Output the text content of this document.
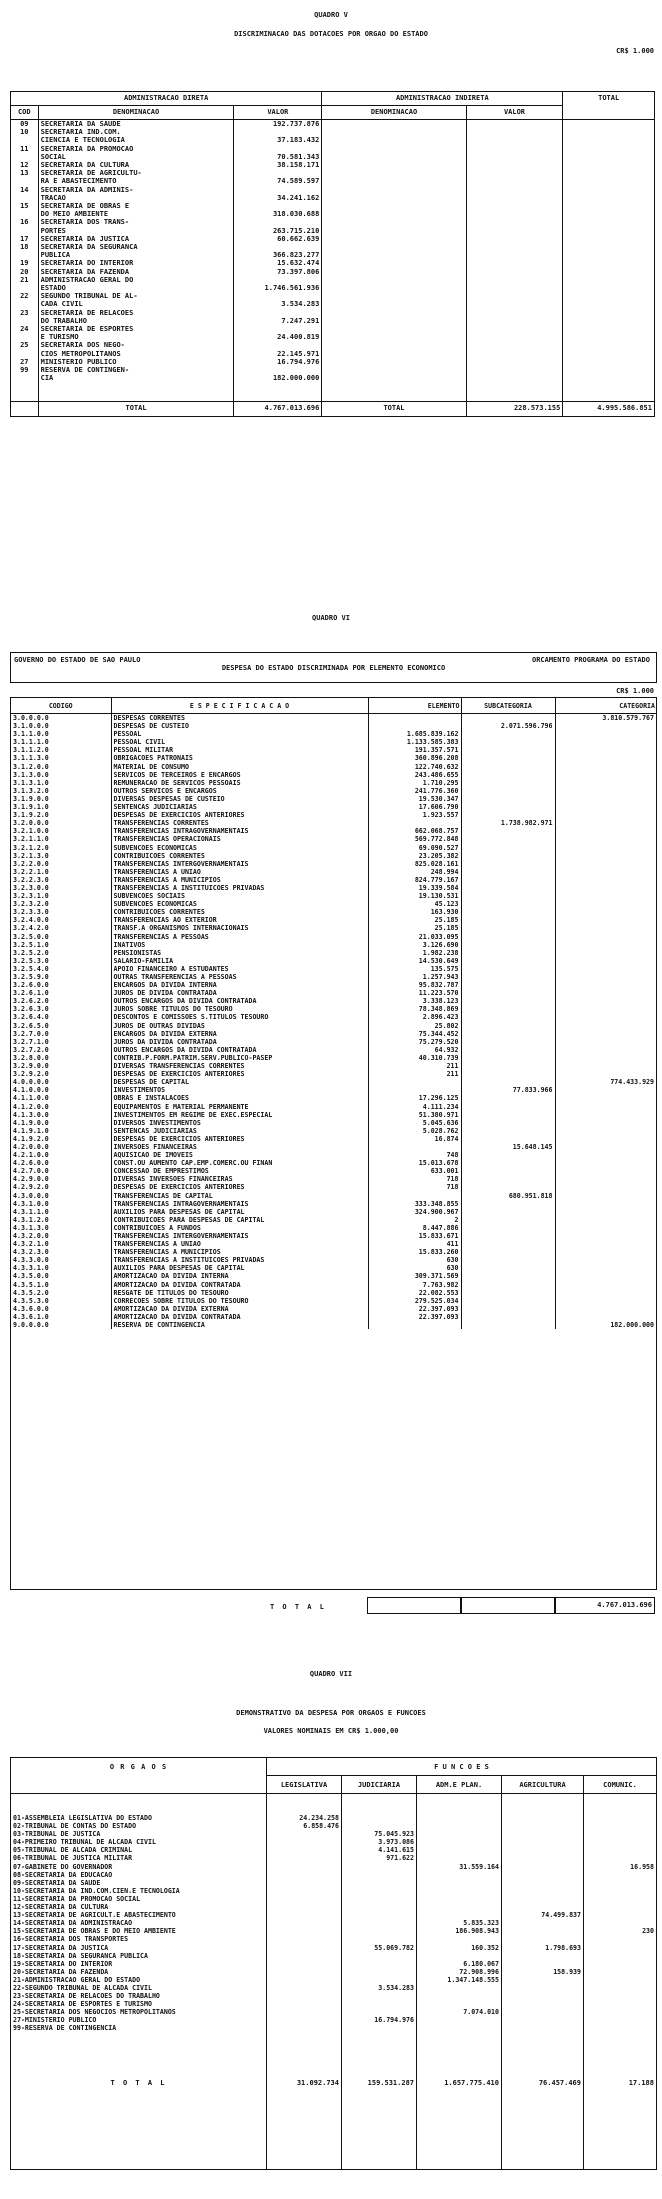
QUADRO V
DISCRIMINACAO DAS DOTACOES POR ORGAO DO ESTADO
CR$ 1.000
ADMINISTRACAO DIRETA			ADMINISTRACAO INDIRETA		TOTAL
COD	DENOMINACAO	VALOR	DENOMINACAO	VALOR	
09	SECRETARIA DA SAUDE	192.737.876			
10	SECRETARIA IND.COM.				
	CIENCIA E TECNOLOGIA	37.183.432			
11	SECRETARIA DA PROMOCAO				
	SOCIAL	70.581.343			
12	SECRETARIA DA CULTURA	38.158.171			
13	SECRETARIA DE AGRICULTU-				
	RA E ABASTECIMENTO	74.589.597			
14	SECRETARIA DA ADMINIS-				
	TRACAO	34.241.162			
15	SECRETARIA DE OBRAS E				
	DO MEIO AMBIENTE	318.030.688			
16	SECRETARIA DOS TRANS-				
	PORTES	263.715.210			
17	SECRETARIA DA JUSTICA	60.662.639			
18	SECRETARIA DA SEGURANCA				
	PUBLICA	366.823.277			
19	SECRETARIA DO INTERIOR	15.632.474			
20	SECRETARIA DA FAZENDA	73.397.806			
21	ADMINISTRACAO GERAL DO				
	ESTADO	1.746.561.936			
22	SEGUNDO TRIBUNAL DE AL-				
	CADA CIVIL	3.534.283			
23	SECRETARIA DE RELACOES				
	DO TRABALHO	7.247.291			
24	SECRETARIA DE ESPORTES				
	E TURISMO	24.400.819			
25	SECRETARIA DOS NEGO-				
	CIOS METROPOLITANOS	22.145.971			
27	MINISTERIO PUBLICO	16.794.976			
99	RESERVA DE CONTINGEN-				
	CIA	182.000.000			

	TOTAL	4.767.013.696	TOTAL	228.573.155	4.995.586.851
QUADRO VI
GOVERNO DO ESTADO DE SAO PAULO	ORCAMENTO PROGRAMA DO ESTADO
DESPESA DO ESTADO DISCRIMINADA POR ELEMENTO ECONOMICO
CR$ 1.000
CODIGO	E S P E C I F I C A C A O	ELEMENTO	SUBCATEGORIA	CATEGORIA
3.0.0.0.0	DESPESAS CORRENTES			3.810.579.767
3.1.0.0.0	DESPESAS DE CUSTEIO		2.071.596.796	
3.1.1.0.0	PESSOAL	1.685.839.162		
3.1.1.1.0	PESSOAL CIVIL	1.133.585.383		
3.1.1.2.0	PESSOAL MILITAR	191.357.571		
3.1.1.3.0	OBRIGACOES PATRONAIS	360.896.208		
3.1.2.0.0	MATERIAL DE CONSUMO	122.740.632		
3.1.3.0.0	SERVICOS DE TERCEIROS E ENCARGOS	243.486.655		
3.1.3.1.0	REMUNERACAO DE SERVICOS PESSOAIS	1.710.295		
3.1.3.2.0	OUTROS SERVICOS E ENCARGOS	241.776.360		
3.1.9.0.0	DIVERSAS DESPESAS DE CUSTEIO	19.530.347		
3.1.9.1.0	SENTENCAS JUDICIARIAS	17.606.790		
3.1.9.2.0	DESPESAS DE EXERCICIOS ANTERIORES	1.923.557		
3.2.0.0.0	TRANSFERENCIAS CORRENTES		1.738.982.971	
3.2.1.0.0	TRANSFERENCIAS INTRAGOVERNAMENTAIS	662.068.757		
3.2.1.1.0	TRANSFERENCIAS OPERACIONAIS	569.772.848		
3.2.1.2.0	SUBVENCOES ECONOMICAS	69.090.527		
3.2.1.3.0	CONTRIBUICOES CORRENTES	23.205.382		
3.2.2.0.0	TRANSFERENCIAS INTERGOVERNAMENTAIS	825.028.161		
3.2.2.1.0	TRANSFERENCIAS A UNIAO	248.994		
3.2.2.3.0	TRANSFERENCIAS A MUNICIPIOS	824.779.167		
3.2.3.0.0	TRANSFERENCIAS A INSTITUICOES PRIVADAS	19.339.584		
3.2.3.1.0	SUBVENCOES SOCIAIS	19.130.531		
3.2.3.2.0	SUBVENCOES ECONOMICAS	45.123		
3.2.3.3.0	CONTRIBUICOES CORRENTES	163.930		
3.2.4.0.0	TRANSFERENCIAS AO EXTERIOR	25.185		
3.2.4.2.0	TRANSF.A ORGANISMOS INTERNACIONAIS	25.185		
3.2.5.0.0	TRANSFERENCIAS A PESSOAS	21.033.095		
3.2.5.1.0	INATIVOS	3.126.690		
3.2.5.2.0	PENSIONISTAS	1.982.238		
3.2.5.3.0	SALARIO-FAMILIA	14.530.649		
3.2.5.4.0	APOIO FINANCEIRO A ESTUDANTES	135.575		
3.2.5.9.0	OUTRAS TRANSFERENCIAS A PESSOAS	1.257.943		
3.2.6.0.0	ENCARGOS DA DIVIDA INTERNA	95.832.787		
3.2.6.1.0	JUROS DE DIVIDA CONTRATADA	11.223.570		
3.2.6.2.0	OUTROS ENCARGOS DA DIVIDA CONTRATADA	3.338.123		
3.2.6.3.0	JUROS SOBRE TITULOS DO TESOURO	78.348.869		
3.2.6.4.0	DESCONTOS E COMISSOES S.TITULOS TESOURO	2.896.423		
3.2.6.5.0	JUROS DE OUTRAS DIVIDAS	25.802		
3.2.7.0.0	ENCARGOS DA DIVIDA EXTERNA	75.344.452		
3.2.7.1.0	JUROS DA DIVIDA CONTRATADA	75.279.520		
3.2.7.2.0	OUTROS ENCARGOS DA DIVIDA CONTRATADA	64.932		
3.2.8.0.0	CONTRIB.P.FORM.PATRIM.SERV.PUBLICO-PASEP	40.310.739		
3.2.9.0.0	DIVERSAS TRANSFERENCIAS CORRENTES	211		
3.2.9.2.0	DESPESAS DE EXERCICIOS ANTERIORES	211		
4.0.0.0.0	DESPESAS DE CAPITAL			774.433.929
4.1.0.0.0	INVESTIMENTOS		77.833.966	
4.1.1.0.0	OBRAS E INSTALACOES	17.296.125		
4.1.2.0.0	EQUIPAMENTOS E MATERIAL PERMANENTE	4.111.234		
4.1.3.0.0	INVESTIMENTOS EM REGIME DE EXEC.ESPECIAL	51.380.971		
4.1.9.0.0	DIVERSOS INVESTIMENTOS	5.045.636		
4.1.9.1.0	SENTENCAS JUDICIARIAS	5.028.762		
4.1.9.2.0	DESPESAS DE EXERCICIOS ANTERIORES	16.874		
4.2.0.0.0	INVERSOES FINANCEIRAS		15.648.145	
4.2.1.0.0	AQUISICAO DE IMOVEIS	748		
4.2.6.0.0	CONST.OU AUMENTO CAP.EMP.COMERC.OU FINAN	15.013.678		
4.2.7.0.0	CONCESSAO DE EMPRESTIMOS	633.001		
4.2.9.0.0	DIVERSAS INVERSOES FINANCEIRAS	718		
4.2.9.2.0	DESPESAS DE EXERCICIOS ANTERIORES	718		
4.3.0.0.0	TRANSFERENCIAS DE CAPITAL		680.951.818	
4.3.1.0.0	TRANSFERENCIAS INTRAGOVERNAMENTAIS	333.348.855		
4.3.1.1.0	AUXILIOS PARA DESPESAS DE CAPITAL	324.900.967		
4.3.1.2.0	CONTRIBUICOES PARA DESPESAS DE CAPITAL	2		
4.3.1.3.0	CONTRIBUICOES A FUNDOS	8.447.886		
4.3.2.0.0	TRANSFERENCIAS INTERGOVERNAMENTAIS	15.833.671		
4.3.2.1.0	TRANSFERENCIAS A UNIAO	411		
4.3.2.3.0	TRANSFERENCIAS A MUNICIPIOS	15.833.260		
4.3.3.0.0	TRANSFERENCIAS A INSTITUICOES PRIVADAS	630		
4.3.3.1.0	AUXILIOS PARA DESPESAS DE CAPITAL	630		
4.3.5.0.0	AMORTIZACAO DA DIVIDA INTERNA	309.371.569		
4.3.5.1.0	AMORTIZACAO DA DIVIDA CONTRATADA	7.763.982		
4.3.5.2.0	RESGATE DE TITULOS DO TESOURO	22.082.553		
4.3.5.3.0	CORRECOES SOBRE TITULOS DO TESOURO	279.525.034		
4.3.6.0.0	AMORTIZACAO DA DIVIDA EXTERNA	22.397.093		
4.3.6.1.0	AMORTIZACAO DA DIVIDA CONTRATADA	22.397.093		
9.0.0.0.0	RESERVA DE CONTINGENCIA			182.000.000
T O T A L	4.767.013.696
QUADRO VII
DEMONSTRATIVO DA DESPESA POR ORGAOS E FUNCOES
VALORES NOMINAIS EM CR$ 1.000,00
O R G A O S	F U N C O E S
LEGISLATIVA	JUDICIARIA	ADM.E PLAN.	AGRICULTURA	COMUNIC.
01-ASSEMBLEIA LEGISLATIVA DO ESTADO	24.234.258				
02-TRIBUNAL DE CONTAS DO ESTADO	6.858.476				
03-TRIBUNAL DE JUSTICA		75.045.923			
04-PRIMEIRO TRIBUNAL DE ALCADA CIVIL		3.973.086			
05-TRIBUNAL DE ALCADA CRIMINAL		4.141.615			
06-TRIBUNAL DE JUSTICA MILITAR		971.622			
07-GABINETE DO GOVERNADOR			31.559.164		16.958
08-SECRETARIA DA EDUCACAO					
09-SECRETARIA DA SAUDE					
10-SECRETARIA DA IND.COM.CIEN.E TECNOLOGIA					
11-SECRETARIA DA PROMOCAO SOCIAL					
12-SECRETARIA DA CULTURA					
13-SECRETARIA DE AGRICULT.E ABASTECIMENTO				74.499.837	
14-SECRETARIA DA ADMINISTRACAO			5.835.323		
15-SECRETARIA DE OBRAS E DO MEIO AMBIENTE			186.908.943		230
16-SECRETARIA DOS TRANSPORTES					
17-SECRETARIA DA JUSTICA		55.069.782	160.352	1.798.693	
18-SECRETARIA DA SEGURANCA PUBLICA					
19-SECRETARIA DO INTERIOR			6.180.067		
20-SECRETARIA DA FAZENDA			72.908.996	158.939	
21-ADMINISTRACAO GERAL DO ESTADO			1.347.148.555		
22-SEGUNDO TRIBUNAL DE ALCADA CIVIL		3.534.283			
23-SECRETARIA DE RELACOES DO TRABALHO					
24-SECRETARIA DE ESPORTES E TURISMO					
25-SECRETARIA DOS NEGOCIOS METROPOLITANOS			7.074.010		
27-MINISTERIO PUBLICO		16.794.976			
99-RESERVA DE CONTINGENCIA					
T O T A L	31.092.734	159.531.287	1.657.775.410	76.457.469	17.188
